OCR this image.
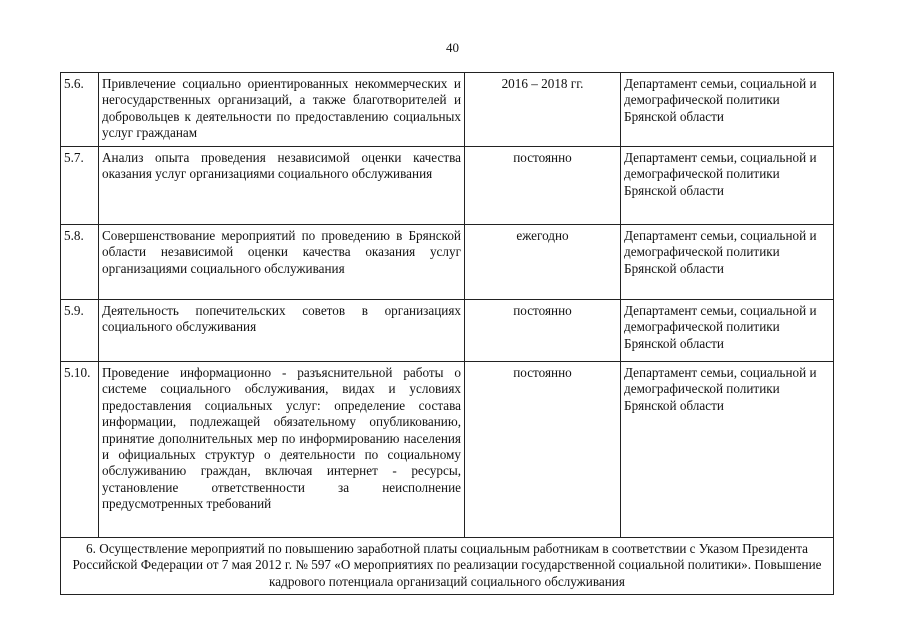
40
5.6.	Привлечение социально ориентированных некоммерческих и негосударственных организаций, а также благотворителей и добровольцев к деятельности по предоставлению социальных услуг гражданам	2016 – 2018 гг.	Департамент семьи, социальной и демографической политики Брянской области
5.7.	Анализ опыта проведения независимой оценки качества оказания услуг организациями социального обслуживания	постоянно	Департамент семьи, социальной и демографической политики Брянской области
5.8.	Совершенствование мероприятий по проведению в Брянской области независимой оценки качества оказания услуг организациями социального обслуживания	ежегодно	Департамент семьи, социальной и демографической политики Брянской области
5.9.	Деятельность попечительских советов в организациях социального обслуживания	постоянно	Департамент семьи, социальной и демографической политики Брянской области
5.10.	Проведение информационно - разъяснительной работы о системе социального обслуживания, видах и условиях предоставления социальных услуг: определение состава информации, подлежащей обязательному опубликованию, принятие дополнительных мер по информированию населения и официальных структур о деятельности по социальному обслуживанию граждан, включая интернет - ресурсы, установление ответственности за неисполнение предусмотренных требований	постоянно	Департамент семьи, социальной и демографической политики Брянской области
6. Осуществление мероприятий по повышению заработной платы социальным работникам в соответствии с Указом Президента Российской Федерации от 7 мая 2012 г. № 597 «О мероприятиях по реализации государственной социальной политики». Повышение кадрового потенциала организаций социального обслуживания			
